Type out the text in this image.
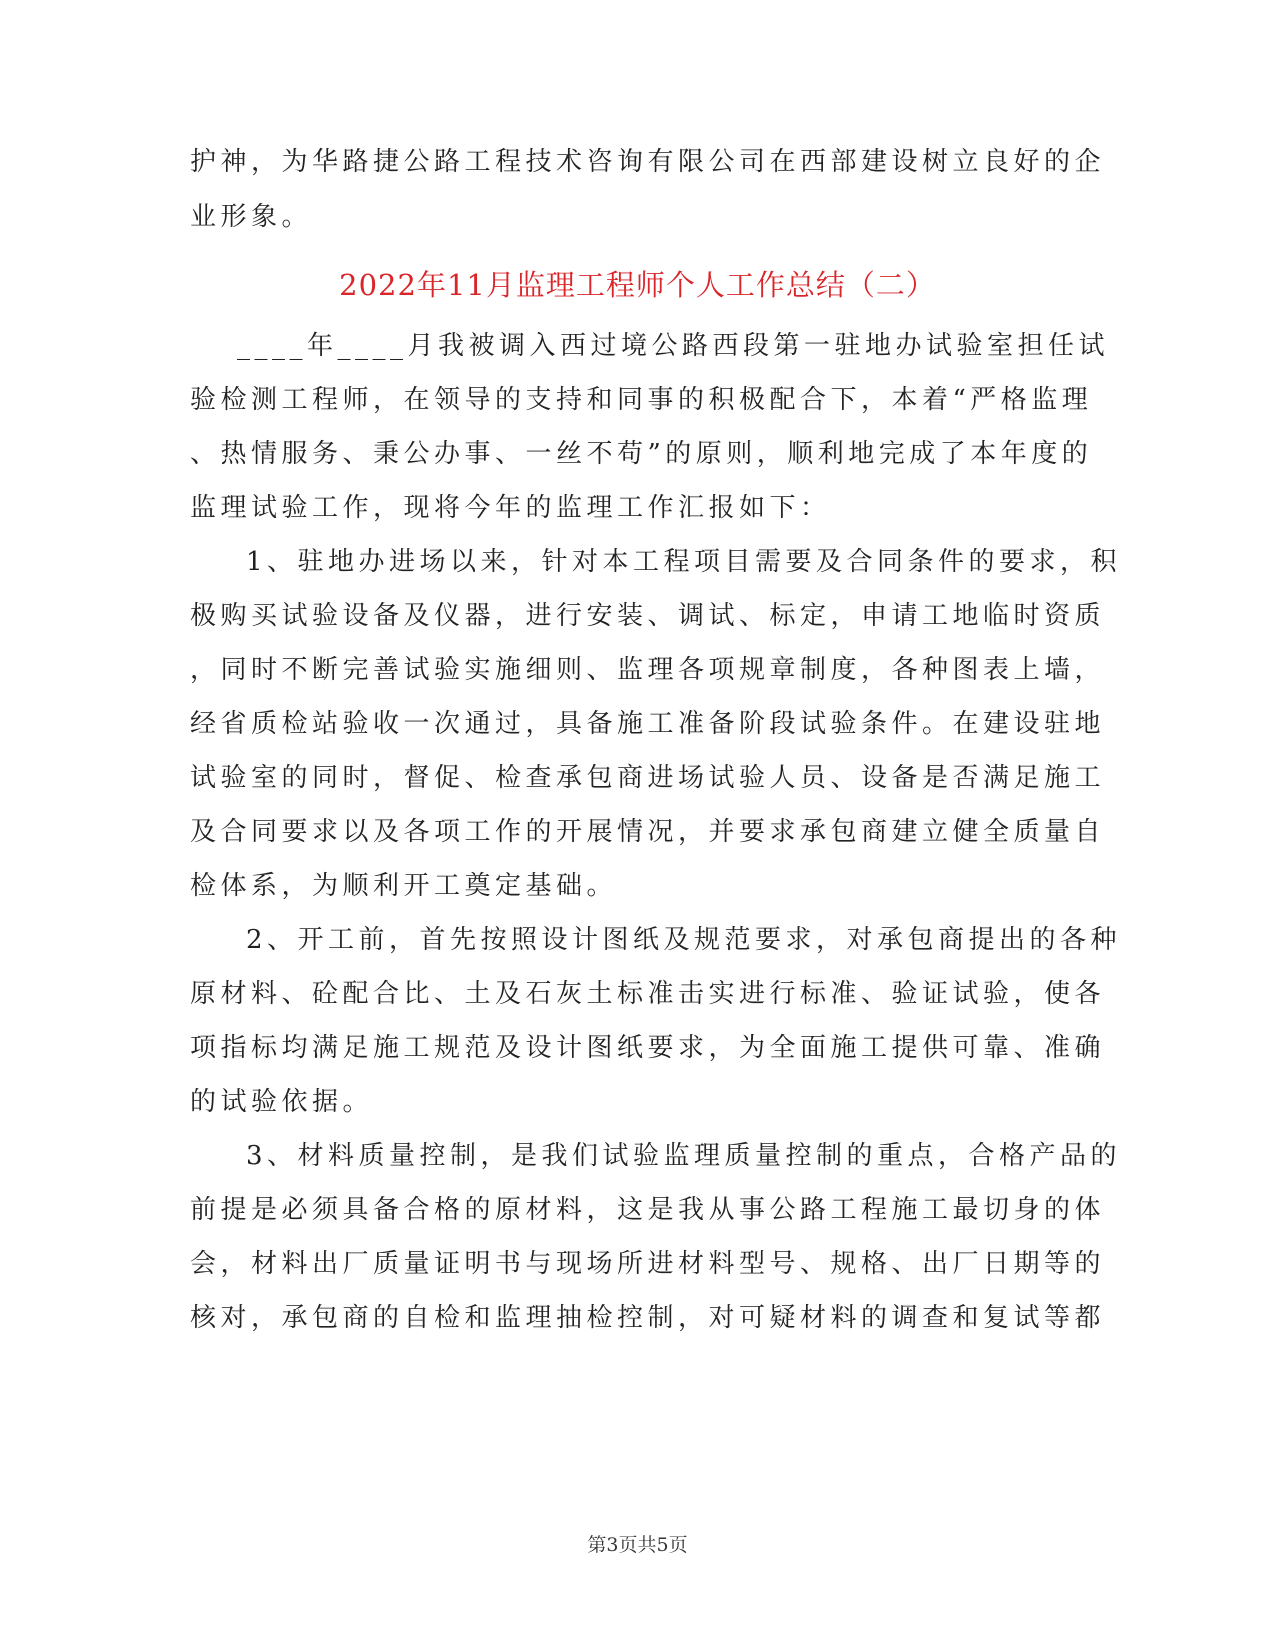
护神，为华路捷公路工程技术咨询有限公司在西部建设树立良好的企
业形象。
2022年11月监理工程师个人工作总结（二）
____年____月我被调入西过境公路西段第一驻地办试验室担任试
验检测工程师，在领导的支持和同事的积极配合下，本着“严格监理
、热情服务、秉公办事、一丝不苟”的原则，顺利地完成了本年度的
监理试验工作，现将今年的监理工作汇报如下：
1、驻地办进场以来，针对本工程项目需要及合同条件的要求，积
极购买试验设备及仪器，进行安装、调试、标定，申请工地临时资质
，同时不断完善试验实施细则、监理各项规章制度，各种图表上墙，
经省质检站验收一次通过，具备施工准备阶段试验条件。在建设驻地
试验室的同时，督促、检查承包商进场试验人员、设备是否满足施工
及合同要求以及各项工作的开展情况，并要求承包商建立健全质量自
检体系，为顺利开工奠定基础。
2、开工前，首先按照设计图纸及规范要求，对承包商提出的各种
原材料、砼配合比、土及石灰土标准击实进行标准、验证试验，使各
项指标均满足施工规范及设计图纸要求，为全面施工提供可靠、准确
的试验依据。
3、材料质量控制，是我们试验监理质量控制的重点，合格产品的
前提是必须具备合格的原材料，这是我从事公路工程施工最切身的体
会，材料出厂质量证明书与现场所进材料型号、规格、出厂日期等的
核对，承包商的自检和监理抽检控制，对可疑材料的调查和复试等都
第3页共5页
